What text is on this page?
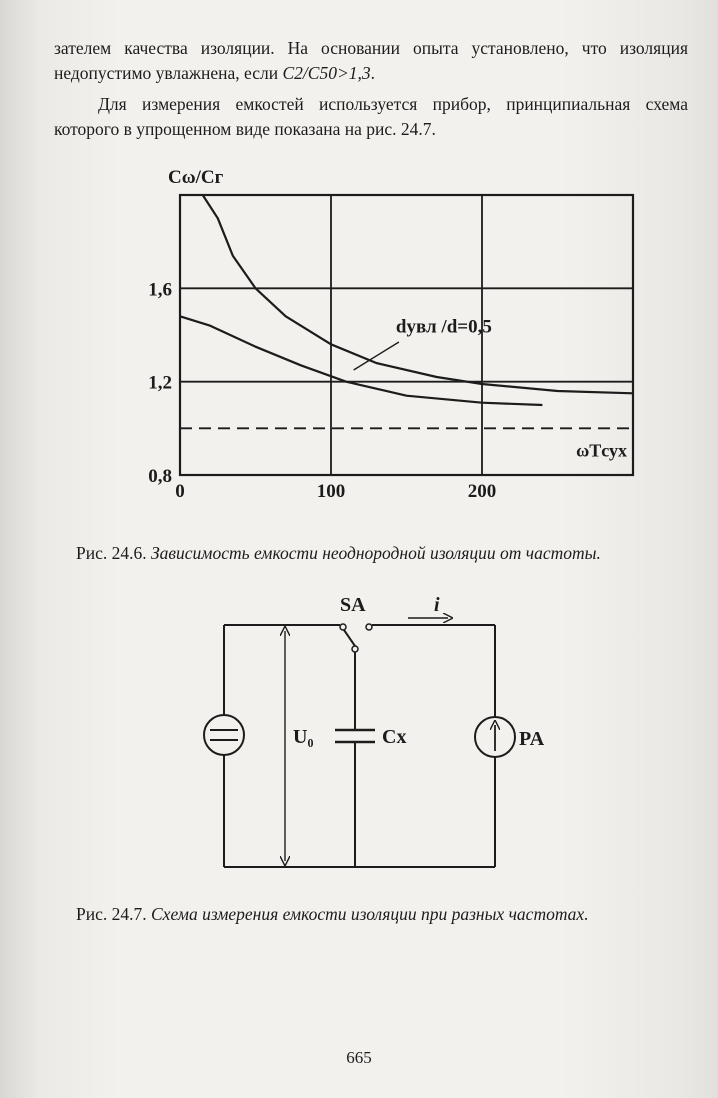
зателем качества изоляции. На основании опыта установлено, что изоляция недопустимо увлажнена, если C2/C50>1,3.

Для измерения емкостей используется прибор, принципиальная схема которого в упрощенном виде показана на рис. 24.7.

0	100	200
0,8
1,2
1,6
Cω/Cг
ωTсух
dувл /d=0,5

Рис. 24.6. Зависимость емкости неоднородной изоляции от частоты.

SA	i
U₀	Cx	PA

Рис. 24.7. Схема измерения емкости изоляции при разных частотах.

665
